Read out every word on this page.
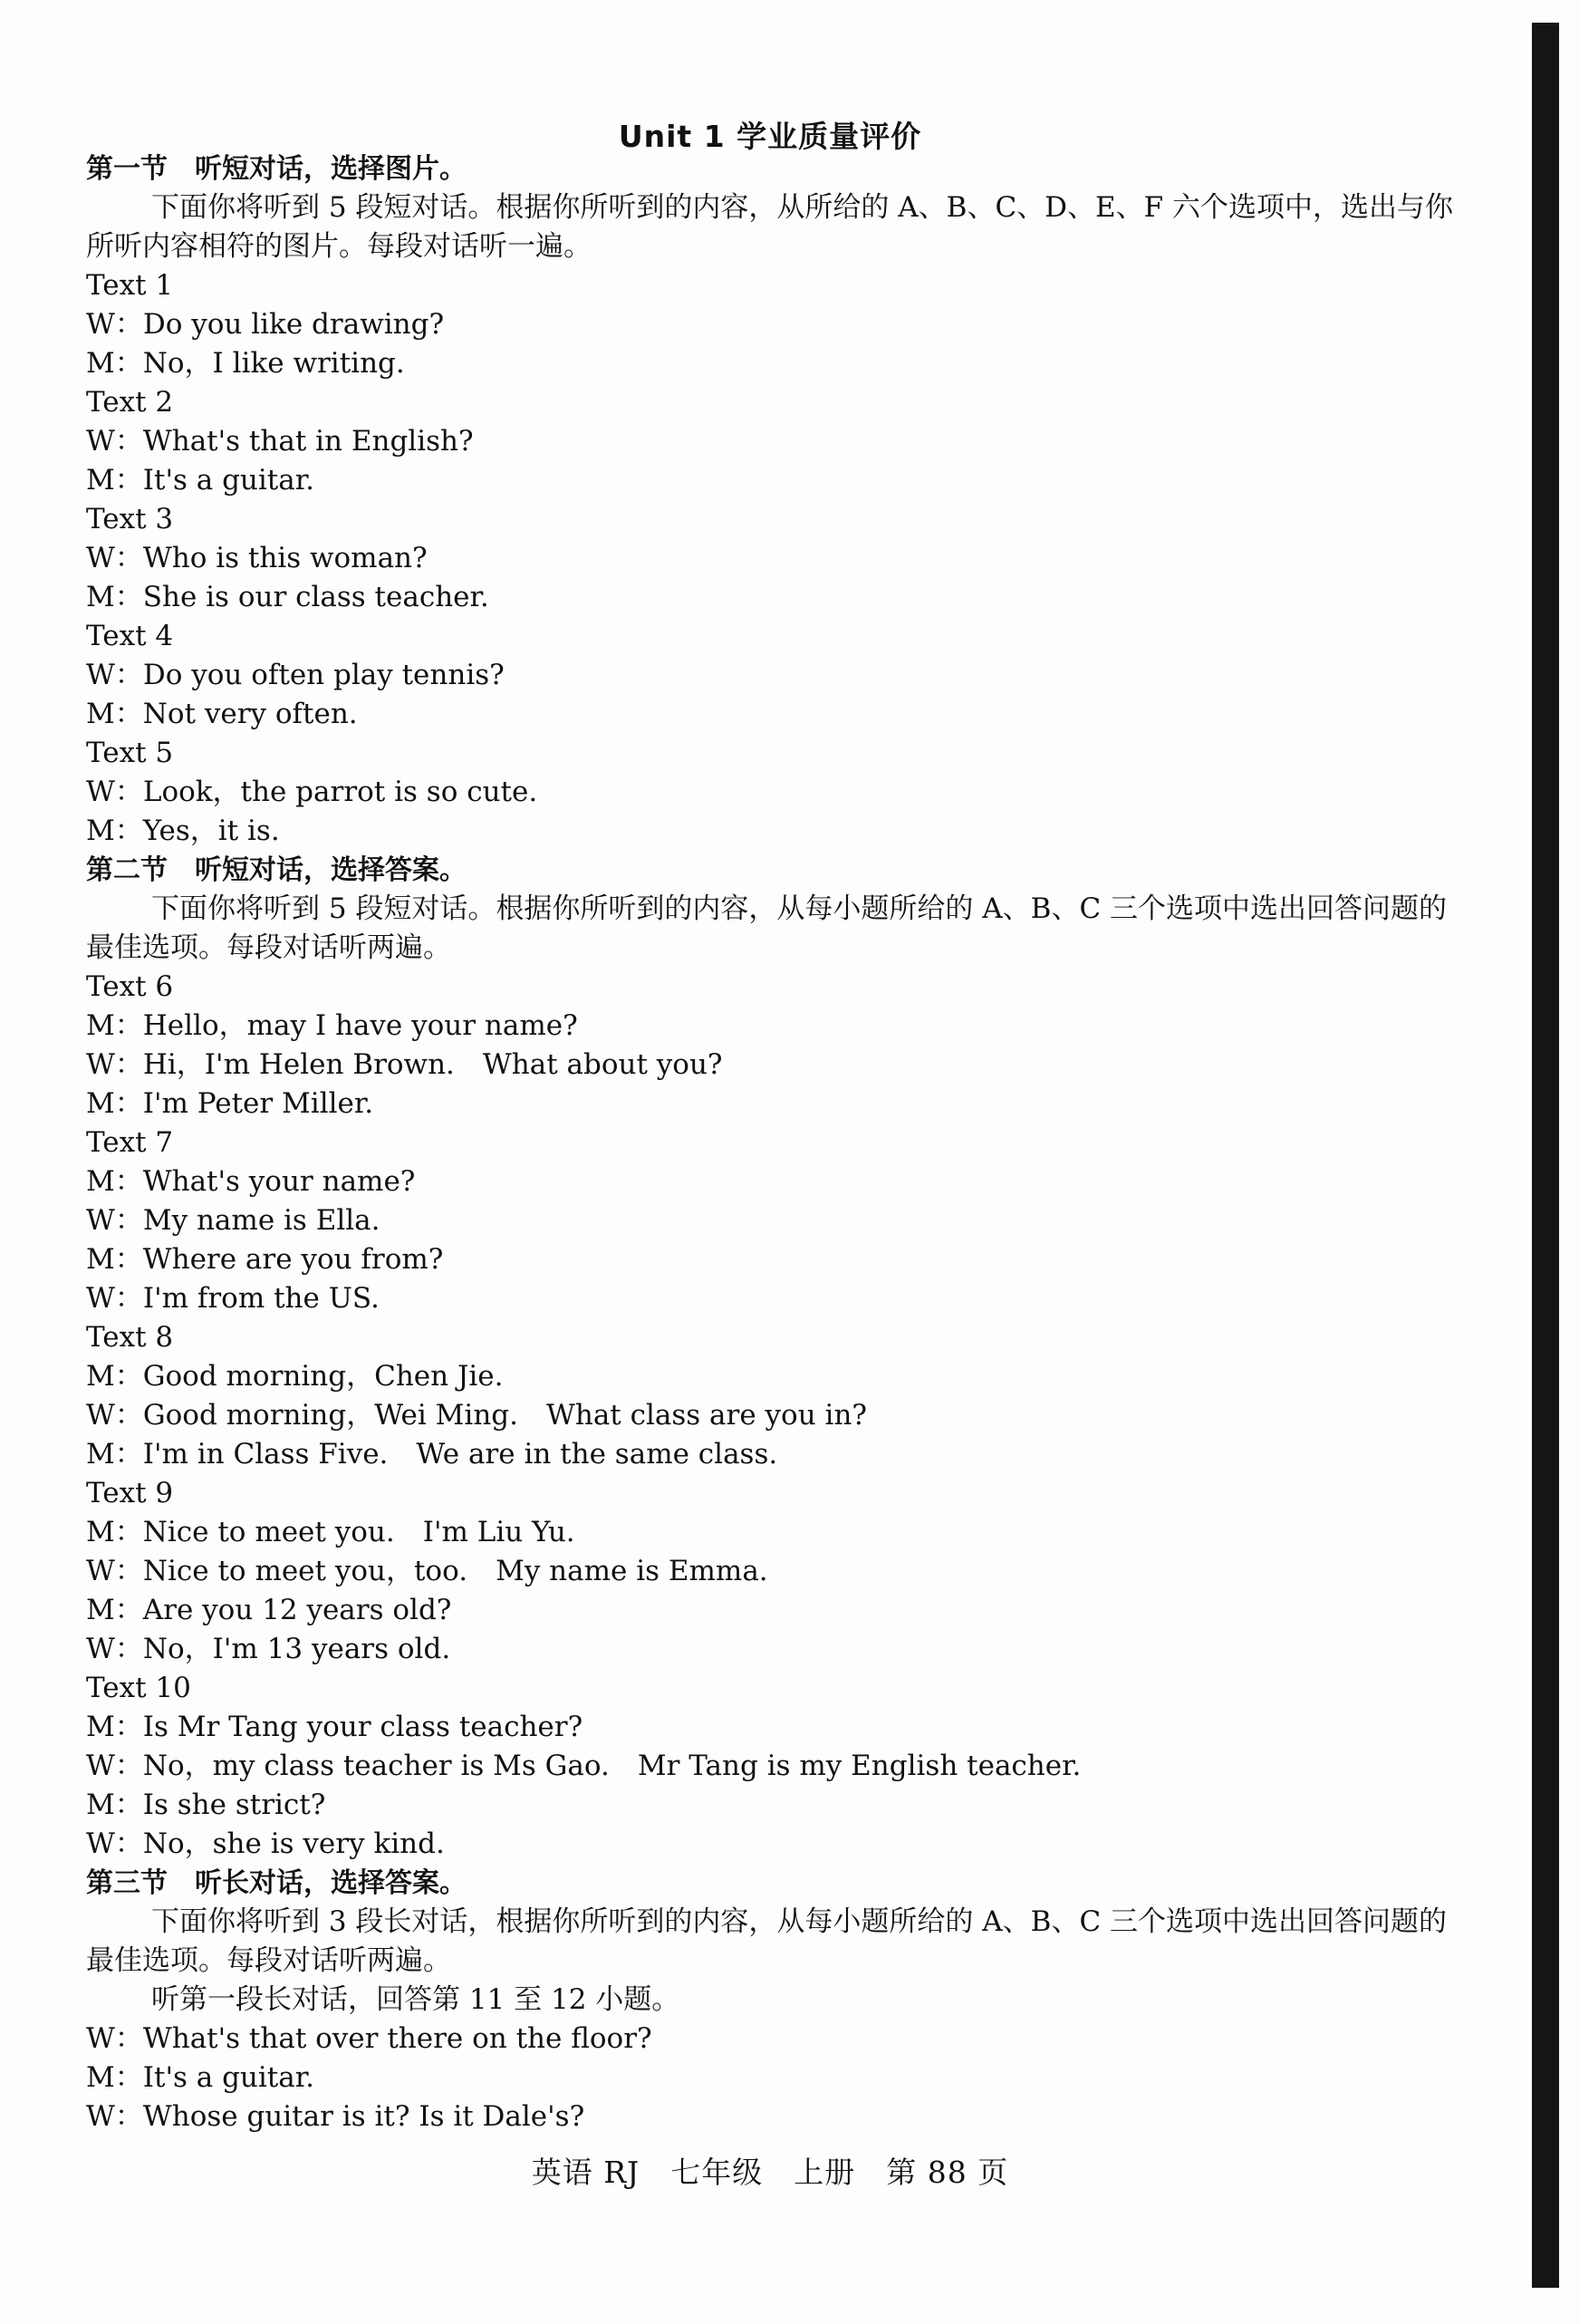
Unit 1 学业质量评价
第一节　听短对话，选择图片。
下面你将听到 5 段短对话。根据你所听到的内容，从所给的 A、B、C、D、E、F 六个选项中，选出与你所听内容相符的图片。每段对话听一遍。
Text 1
W：Do you like drawing?
M：No，I like writing.
Text 2
W：What's that in English?
M：It's a guitar.
Text 3
W：Who is this woman?
M：She is our class teacher.
Text 4
W：Do you often play tennis?
M：Not very often.
Text 5
W：Look，the parrot is so cute.
M：Yes，it is.
第二节　听短对话，选择答案。
下面你将听到 5 段短对话。根据你所听到的内容，从每小题所给的 A、B、C 三个选项中选出回答问题的最佳选项。每段对话听两遍。
Text 6
M：Hello，may I have your name?
W：Hi，I'm Helen Brown.　What about you?
M：I'm Peter Miller.
Text 7
M：What's your name?
W：My name is Ella.
M：Where are you from?
W：I'm from the US.
Text 8
M：Good morning，Chen Jie.
W：Good morning，Wei Ming.　What class are you in?
M：I'm in Class Five.　We are in the same class.
Text 9
M：Nice to meet you.　I'm Liu Yu.
W：Nice to meet you，too.　My name is Emma.
M：Are you 12 years old?
W：No，I'm 13 years old.
Text 10
M：Is Mr Tang your class teacher?
W：No，my class teacher is Ms Gao.　Mr Tang is my English teacher.
M：Is she strict?
W：No，she is very kind.
第三节　听长对话，选择答案。
下面你将听到 3 段长对话，根据你所听到的内容，从每小题所给的 A、B、C 三个选项中选出回答问题的最佳选项。每段对话听两遍。
听第一段长对话，回答第 11 至 12 小题。
W：What's that over there on the floor?
M：It's a guitar.
W：Whose guitar is it? Is it Dale's?
英语 RJ　七年级　上册　第 88 页
